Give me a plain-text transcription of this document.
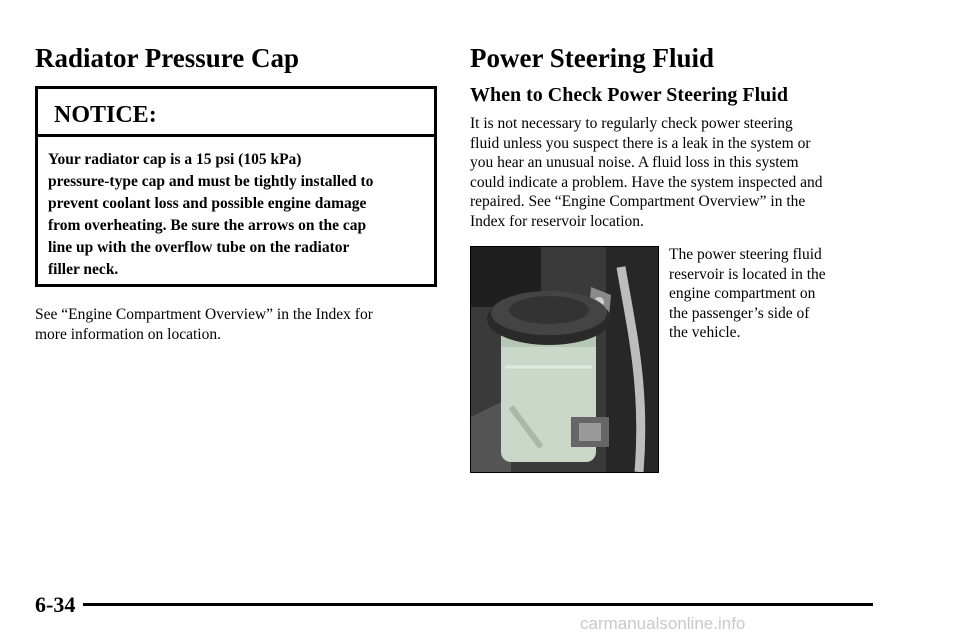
Radiator Pressure Cap
NOTICE:
Your radiator cap is a 15 psi (105 kPa)
pressure-type cap and must be tightly installed to
prevent coolant loss and possible engine damage
from overheating. Be sure the arrows on the cap
line up with the overflow tube on the radiator
filler neck.
See “Engine Compartment Overview” in the Index for
more information on location.
Power Steering Fluid
When to Check Power Steering Fluid
It is not necessary to regularly check power steering
fluid unless you suspect there is a leak in the system or
you hear an unusual noise. A fluid loss in this system
could indicate a problem. Have the system inspected and
repaired. See “Engine Compartment Overview” in the
Index for reservoir location.
The power steering fluid
reservoir is located in the
engine compartment on
the passenger’s side of
the vehicle.
6-34
carmanualsonline.info
